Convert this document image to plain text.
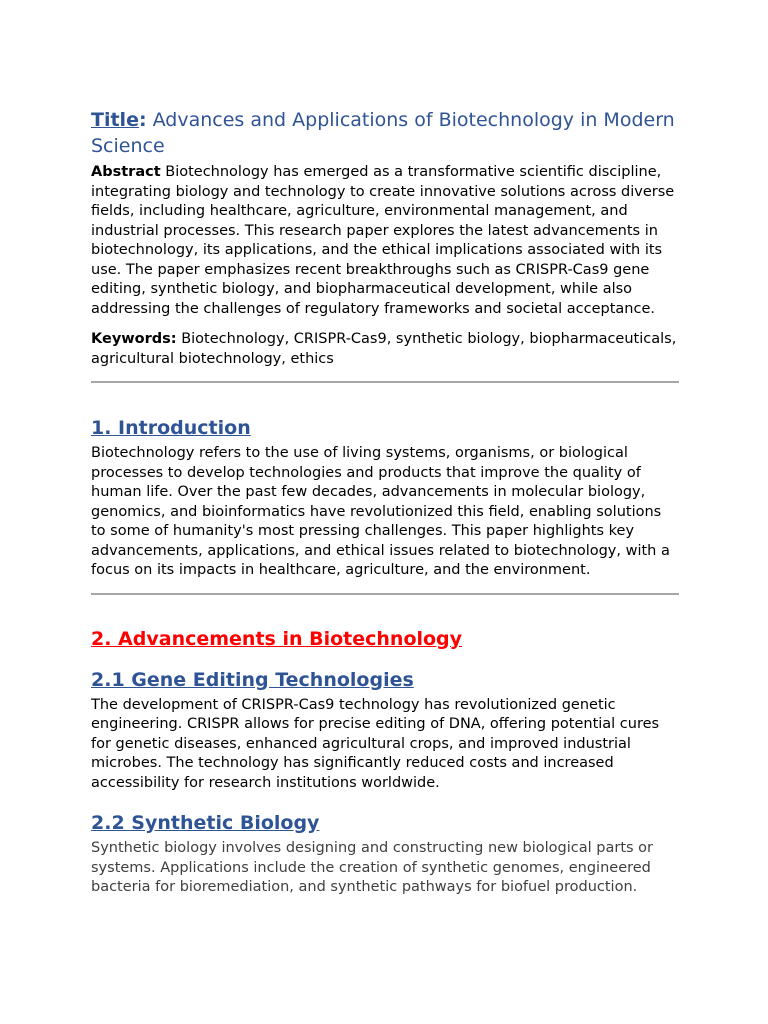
Title: Advances and Applications of Biotechnology in Modern Science

Abstract Biotechnology has emerged as a transformative scientific discipline, integrating biology and technology to create innovative solutions across diverse fields, including healthcare, agriculture, environmental management, and industrial processes. This research paper explores the latest advancements in biotechnology, its applications, and the ethical implications associated with its use. The paper emphasizes recent breakthroughs such as CRISPR-Cas9 gene editing, synthetic biology, and biopharmaceutical development, while also addressing the challenges of regulatory frameworks and societal acceptance.

Keywords: Biotechnology, CRISPR-Cas9, synthetic biology, biopharmaceuticals, agricultural biotechnology, ethics

1. Introduction

Biotechnology refers to the use of living systems, organisms, or biological processes to develop technologies and products that improve the quality of human life. Over the past few decades, advancements in molecular biology, genomics, and bioinformatics have revolutionized this field, enabling solutions to some of humanity's most pressing challenges. This paper highlights key advancements, applications, and ethical issues related to biotechnology, with a focus on its impacts in healthcare, agriculture, and the environment.

2. Advancements in Biotechnology
2.1 Gene Editing Technologies

The development of CRISPR-Cas9 technology has revolutionized genetic engineering. CRISPR allows for precise editing of DNA, offering potential cures for genetic diseases, enhanced agricultural crops, and improved industrial microbes. The technology has significantly reduced costs and increased accessibility for research institutions worldwide.

2.2 Synthetic Biology

Synthetic biology involves designing and constructing new biological parts or systems. Applications include the creation of synthetic genomes, engineered bacteria for bioremediation, and synthetic pathways for biofuel production.
